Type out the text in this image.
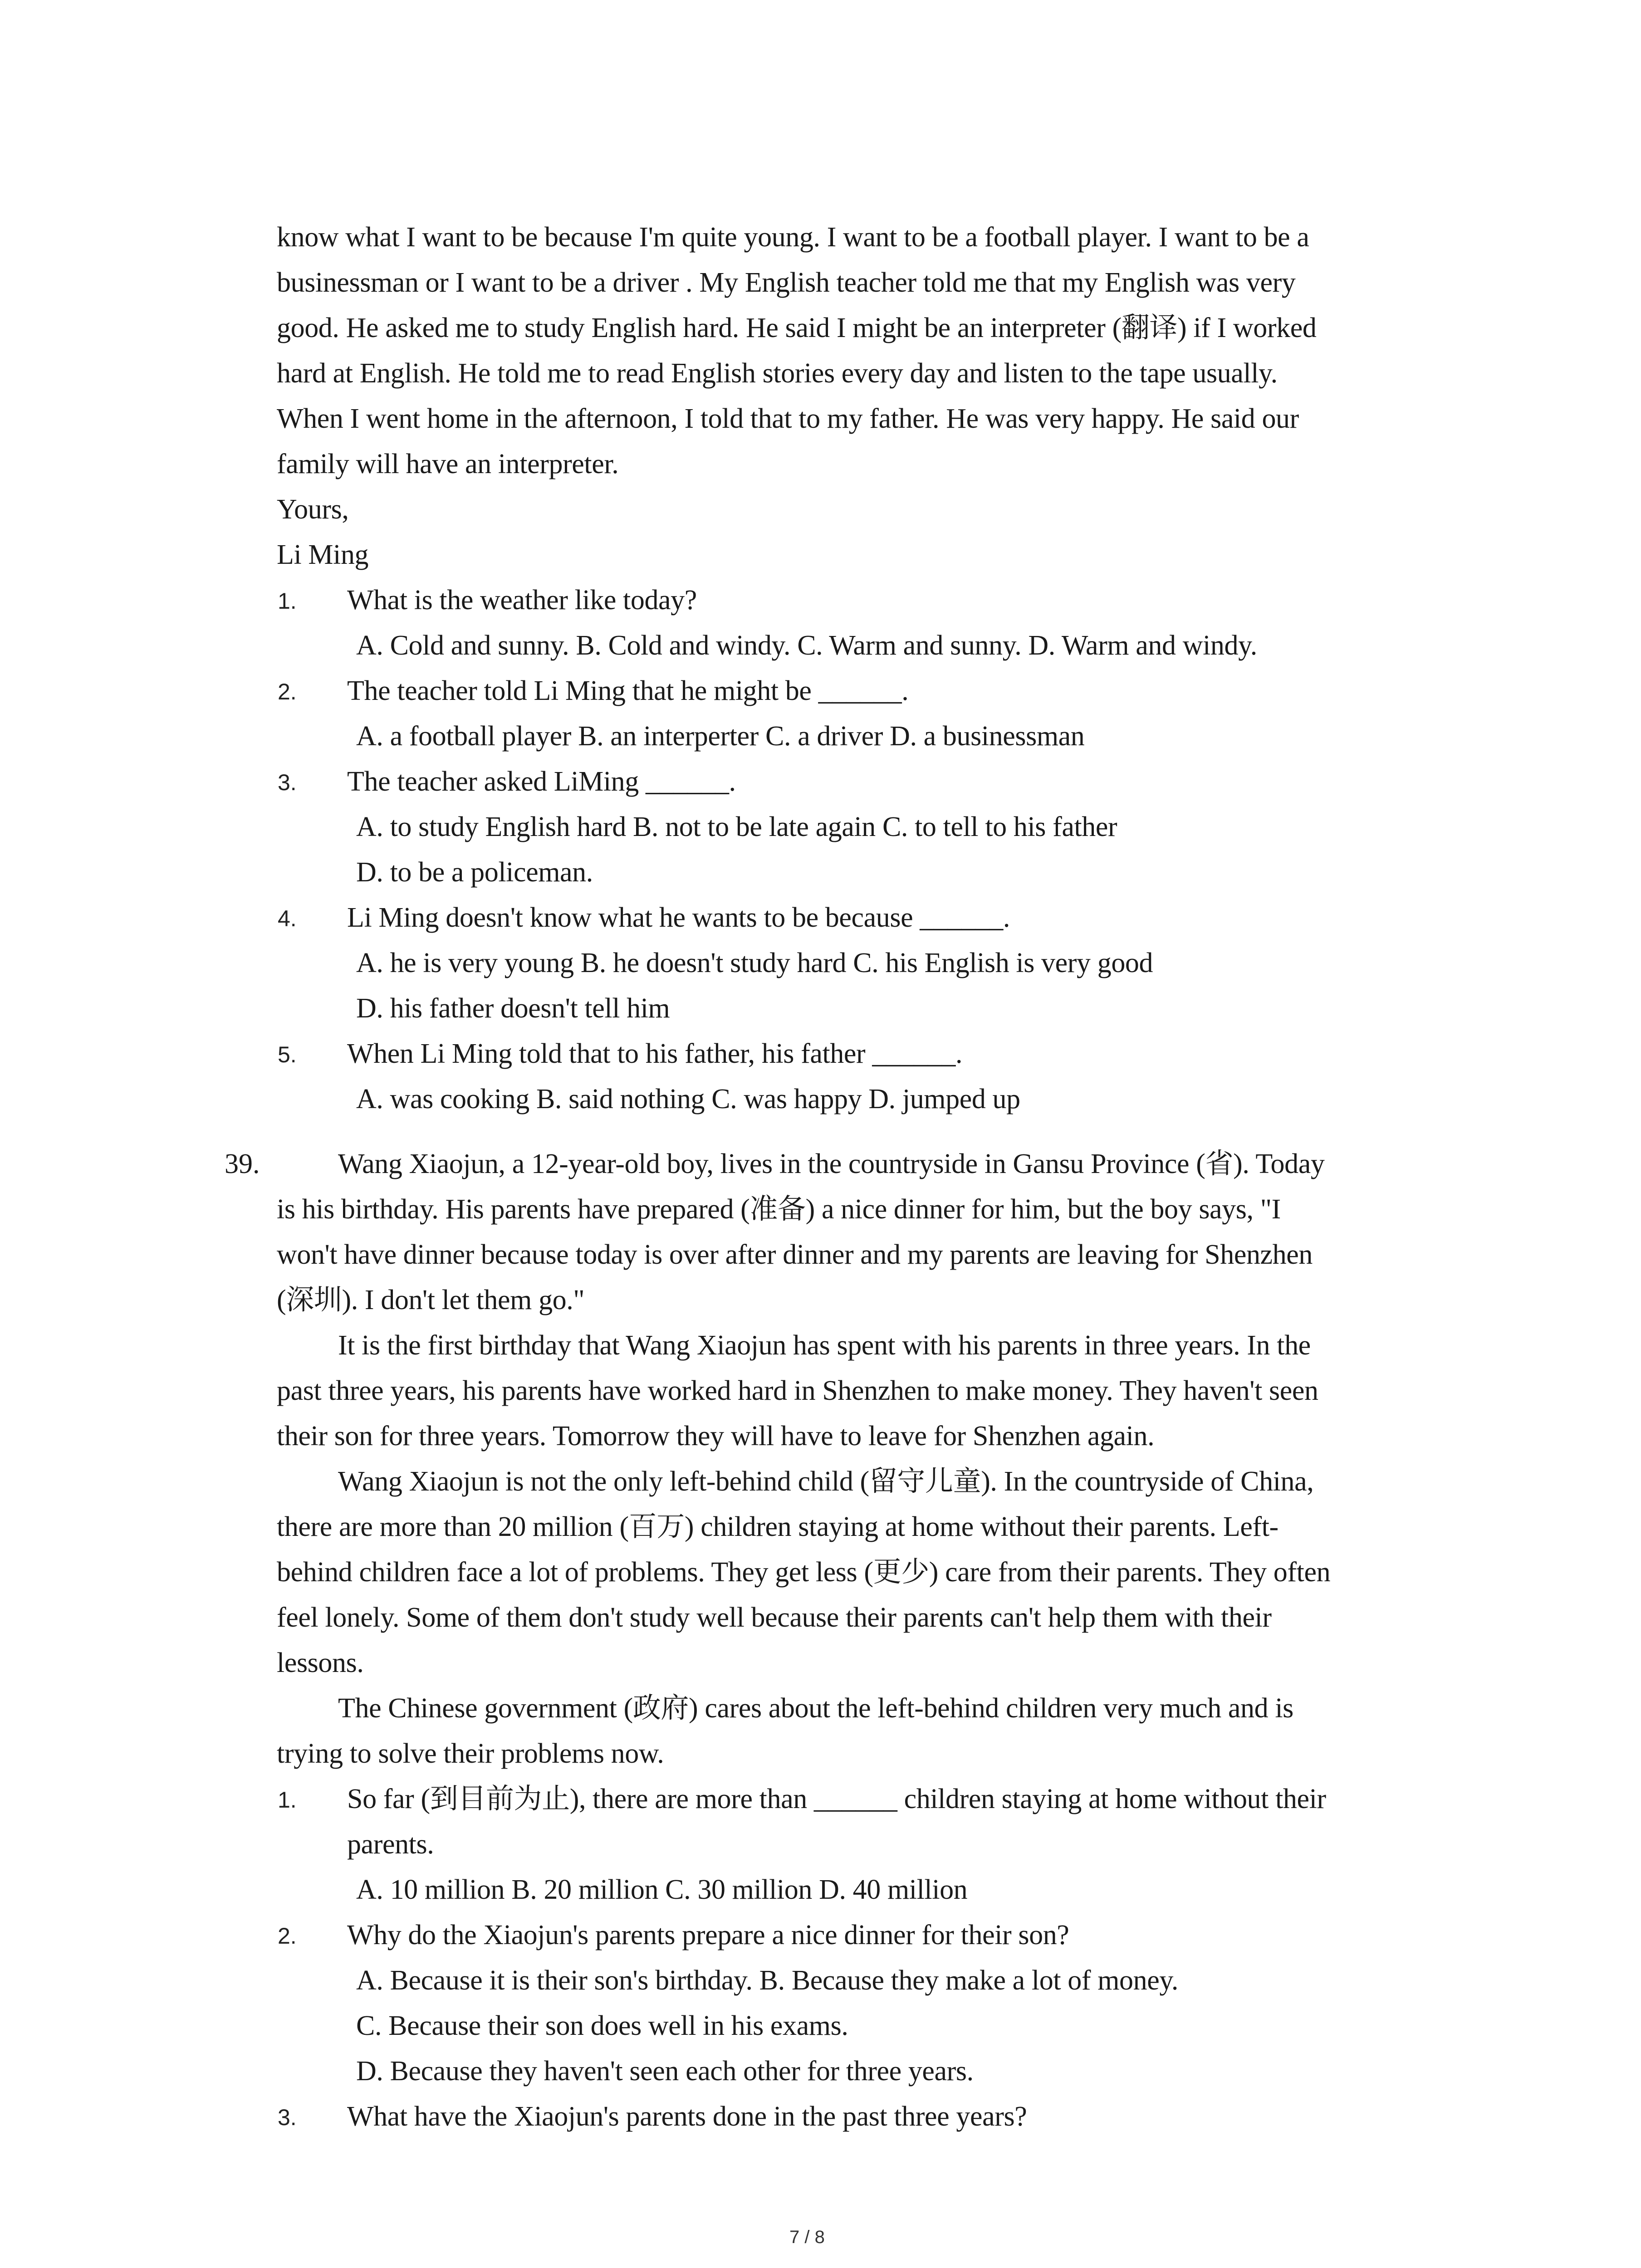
know what I want to be because I'm quite young. I want to be a football player. I want to be a
businessman or I want to be a driver . My English teacher told me that my English was very
good. He asked me to study English hard. He said I might be an interpreter (翻译) if I worked
hard at English. He told me to read English stories every day and listen to the tape usually.
When I went home in the afternoon, I told that to my father. He was very happy. He said our
family will have an interpreter.
Yours,
Li Ming
1. What is the weather like today?
A. Cold and sunny. B. Cold and windy. C. Warm and sunny. D. Warm and windy.
2. The teacher told Li Ming that he might be ______.
A. a football player B. an interperter C. a driver D. a businessman
3. The teacher asked LiMing ______.
A. to study English hard B. not to be late again C. to tell to his father
D. to be a policeman.
4. Li Ming doesn't know what he wants to be because ______.
A. he is very young B. he doesn't study hard C. his English is very good
D. his father doesn't tell him
5. When Li Ming told that to his father, his father ______.
A. was cooking B. said nothing C. was happy D. jumped up
39.	Wang Xiaojun, a 12-year-old boy, lives in the countryside in Gansu Province (省). Today
is his birthday. His parents have prepared (准备) a nice dinner for him, but the boy says, "I
won't have dinner because today is over after dinner and my parents are leaving for Shenzhen
(深圳). I don't let them go."
It is the first birthday that Wang Xiaojun has spent with his parents in three years. In the
past three years, his parents have worked hard in Shenzhen to make money. They haven't seen
their son for three years. Tomorrow they will have to leave for Shenzhen again.
Wang Xiaojun is not the only left-behind child (留守儿童). In the countryside of China,
there are more than 20 million (百万) children staying at home without their parents. Left-
behind children face a lot of problems. They get less (更少) care from their parents. They often
feel lonely. Some of them don't study well because their parents can't help them with their
lessons.
The Chinese government (政府) cares about the left-behind children very much and is
trying to solve their problems now.
1. So far (到目前为止), there are more than ______ children staying at home without their
parents.
A. 10 million B. 20 million C. 30 million D. 40 million
2. Why do the Xiaojun's parents prepare a nice dinner for their son?
A. Because it is their son's birthday. B. Because they make a lot of money.
C. Because their son does well in his exams.
D. Because they haven't seen each other for three years.
3. What have the Xiaojun's parents done in the past three years?
7 / 8
